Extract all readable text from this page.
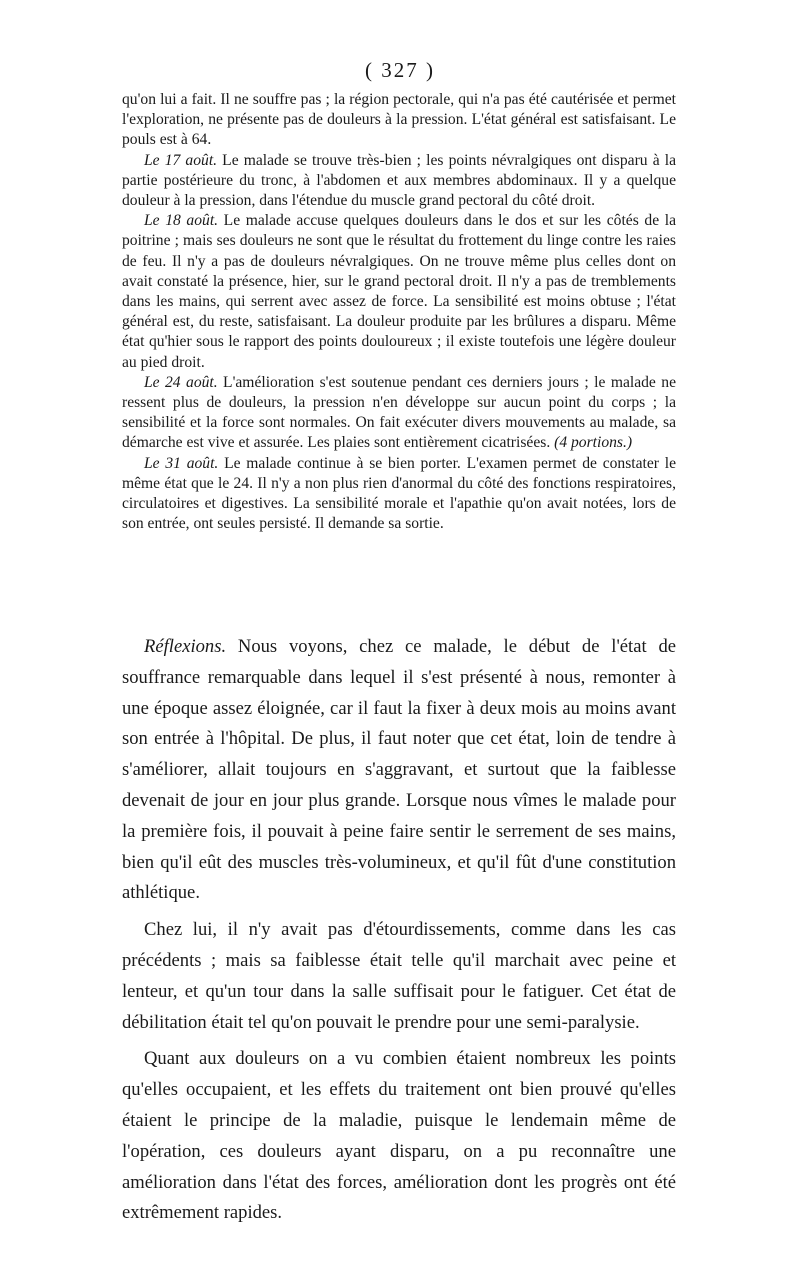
( 327 )

qu'on lui a fait. Il ne souffre pas ; la région pectorale, qui n'a pas été cautérisée et permet l'exploration, ne présente pas de douleurs à la pression. L'état général est satisfaisant. Le pouls est à 64.

Le 17 août. Le malade se trouve très-bien ; les points névralgiques ont disparu à la partie postérieure du tronc, à l'abdomen et aux membres abdominaux. Il y a quelque douleur à la pression, dans l'étendue du muscle grand pectoral du côté droit.

Le 18 août. Le malade accuse quelques douleurs dans le dos et sur les côtés de la poitrine ; mais ses douleurs ne sont que le résultat du frottement du linge contre les raies de feu. Il n'y a pas de douleurs névralgiques. On ne trouve même plus celles dont on avait constaté la présence, hier, sur le grand pectoral droit. Il n'y a pas de tremblements dans les mains, qui serrent avec assez de force. La sensibilité est moins obtuse ; l'état général est, du reste, satisfaisant. La douleur produite par les brûlures a disparu. Même état qu'hier sous le rapport des points douloureux ; il existe toutefois une légère douleur au pied droit.

Le 24 août. L'amélioration s'est soutenue pendant ces derniers jours ; le malade ne ressent plus de douleurs, la pression n'en développe sur aucun point du corps ; la sensibilité et la force sont normales. On fait exécuter divers mouvements au malade, sa démarche est vive et assurée. Les plaies sont entièrement cicatrisées. (4 portions.)

Le 31 août. Le malade continue à se bien porter. L'examen permet de constater le même état que le 24. Il n'y a non plus rien d'anormal du côté des fonctions respiratoires, circulatoires et digestives. La sensibilité morale et l'apathie qu'on avait notées, lors de son entrée, ont seules persisté. Il demande sa sortie.

Réflexions. Nous voyons, chez ce malade, le début de l'état de souffrance remarquable dans lequel il s'est présenté à nous, remonter à une époque assez éloignée, car il faut la fixer à deux mois au moins avant son entrée à l'hôpital. De plus, il faut noter que cet état, loin de tendre à s'améliorer, allait toujours en s'aggravant, et surtout que la faiblesse devenait de jour en jour plus grande. Lorsque nous vîmes le malade pour la première fois, il pouvait à peine faire sentir le serrement de ses mains, bien qu'il eût des muscles très-volumineux, et qu'il fût d'une constitution athlétique.

Chez lui, il n'y avait pas d'étourdissements, comme dans les cas précédents ; mais sa faiblesse était telle qu'il marchait avec peine et lenteur, et qu'un tour dans la salle suffisait pour le fatiguer. Cet état de débilitation était tel qu'on pouvait le prendre pour une semi-paralysie.

Quant aux douleurs on a vu combien étaient nombreux les points qu'elles occupaient, et les effets du traitement ont bien prouvé qu'elles étaient le principe de la maladie, puisque le lendemain même de l'opération, ces douleurs ayant disparu, on a pu reconnaître une amélioration dans l'état des forces, amélioration dont les progrès ont été extrêmement rapides.
